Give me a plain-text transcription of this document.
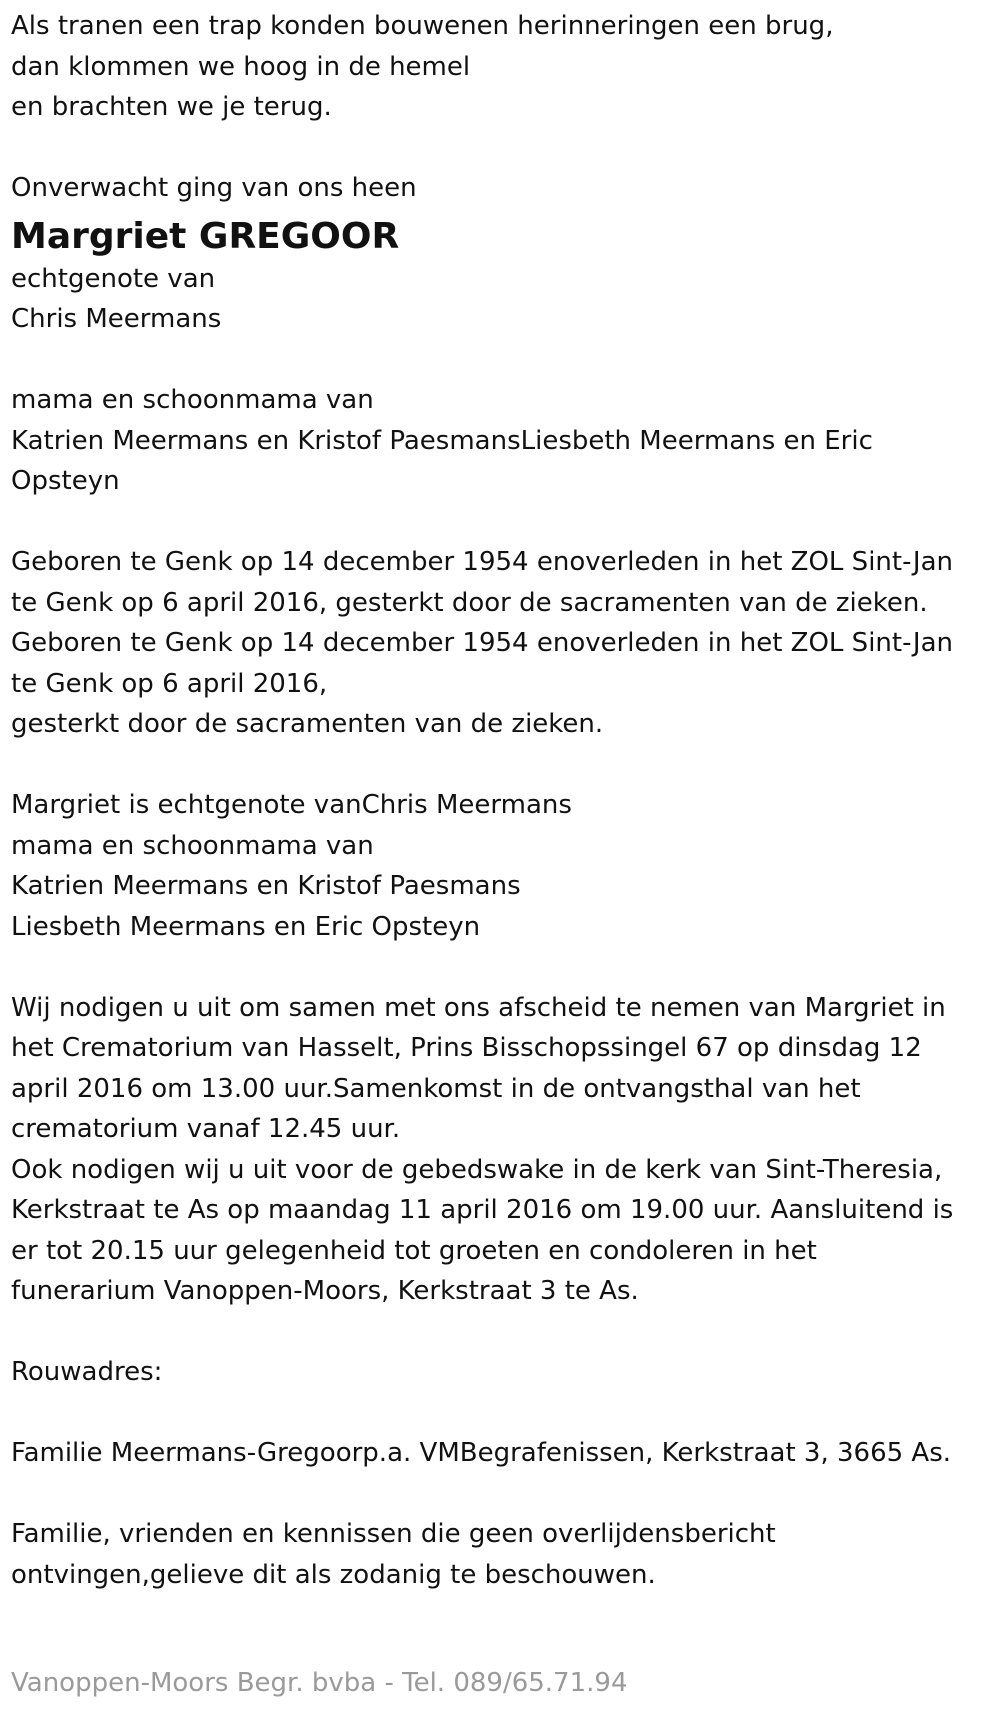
Als tranen een trap konden bouwenen herinneringen een brug,
dan klommen we hoog in de hemel
en brachten we je terug.
Onverwacht ging van ons heen
Margriet GREGOOR
echtgenote van
Chris Meermans
mama en schoonmama van
Katrien Meermans en Kristof PaesmansLiesbeth Meermans en Eric
Opsteyn
Geboren te Genk op 14 december 1954 enoverleden in het ZOL Sint-Jan
te Genk op 6 april 2016, gesterkt door de sacramenten van de zieken.
Geboren te Genk op 14 december 1954 enoverleden in het ZOL Sint-Jan
te Genk op 6 april 2016,
gesterkt door de sacramenten van de zieken.
Margriet is echtgenote vanChris Meermans
mama en schoonmama van
Katrien Meermans en Kristof Paesmans
Liesbeth Meermans en Eric Opsteyn
Wij nodigen u uit om samen met ons afscheid te nemen van Margriet in
het Crematorium van Hasselt, Prins Bisschopssingel 67 op dinsdag 12
april 2016 om 13.00 uur.Samenkomst in de ontvangsthal van het
crematorium vanaf 12.45 uur.
Ook nodigen wij u uit voor de gebedswake in de kerk van Sint-Theresia,
Kerkstraat te As op maandag 11 april 2016 om 19.00 uur. Aansluitend is
er tot 20.15 uur gelegenheid tot groeten en condoleren in het
funerarium Vanoppen-Moors, Kerkstraat 3 te As.
Rouwadres:
Familie Meermans-Gregoorp.a. VMBegrafenissen, Kerkstraat 3, 3665 As.
Familie, vrienden en kennissen die geen overlijdensbericht
ontvingen,gelieve dit als zodanig te beschouwen.
Vanoppen-Moors Begr. bvba - Tel. 089/65.71.94
